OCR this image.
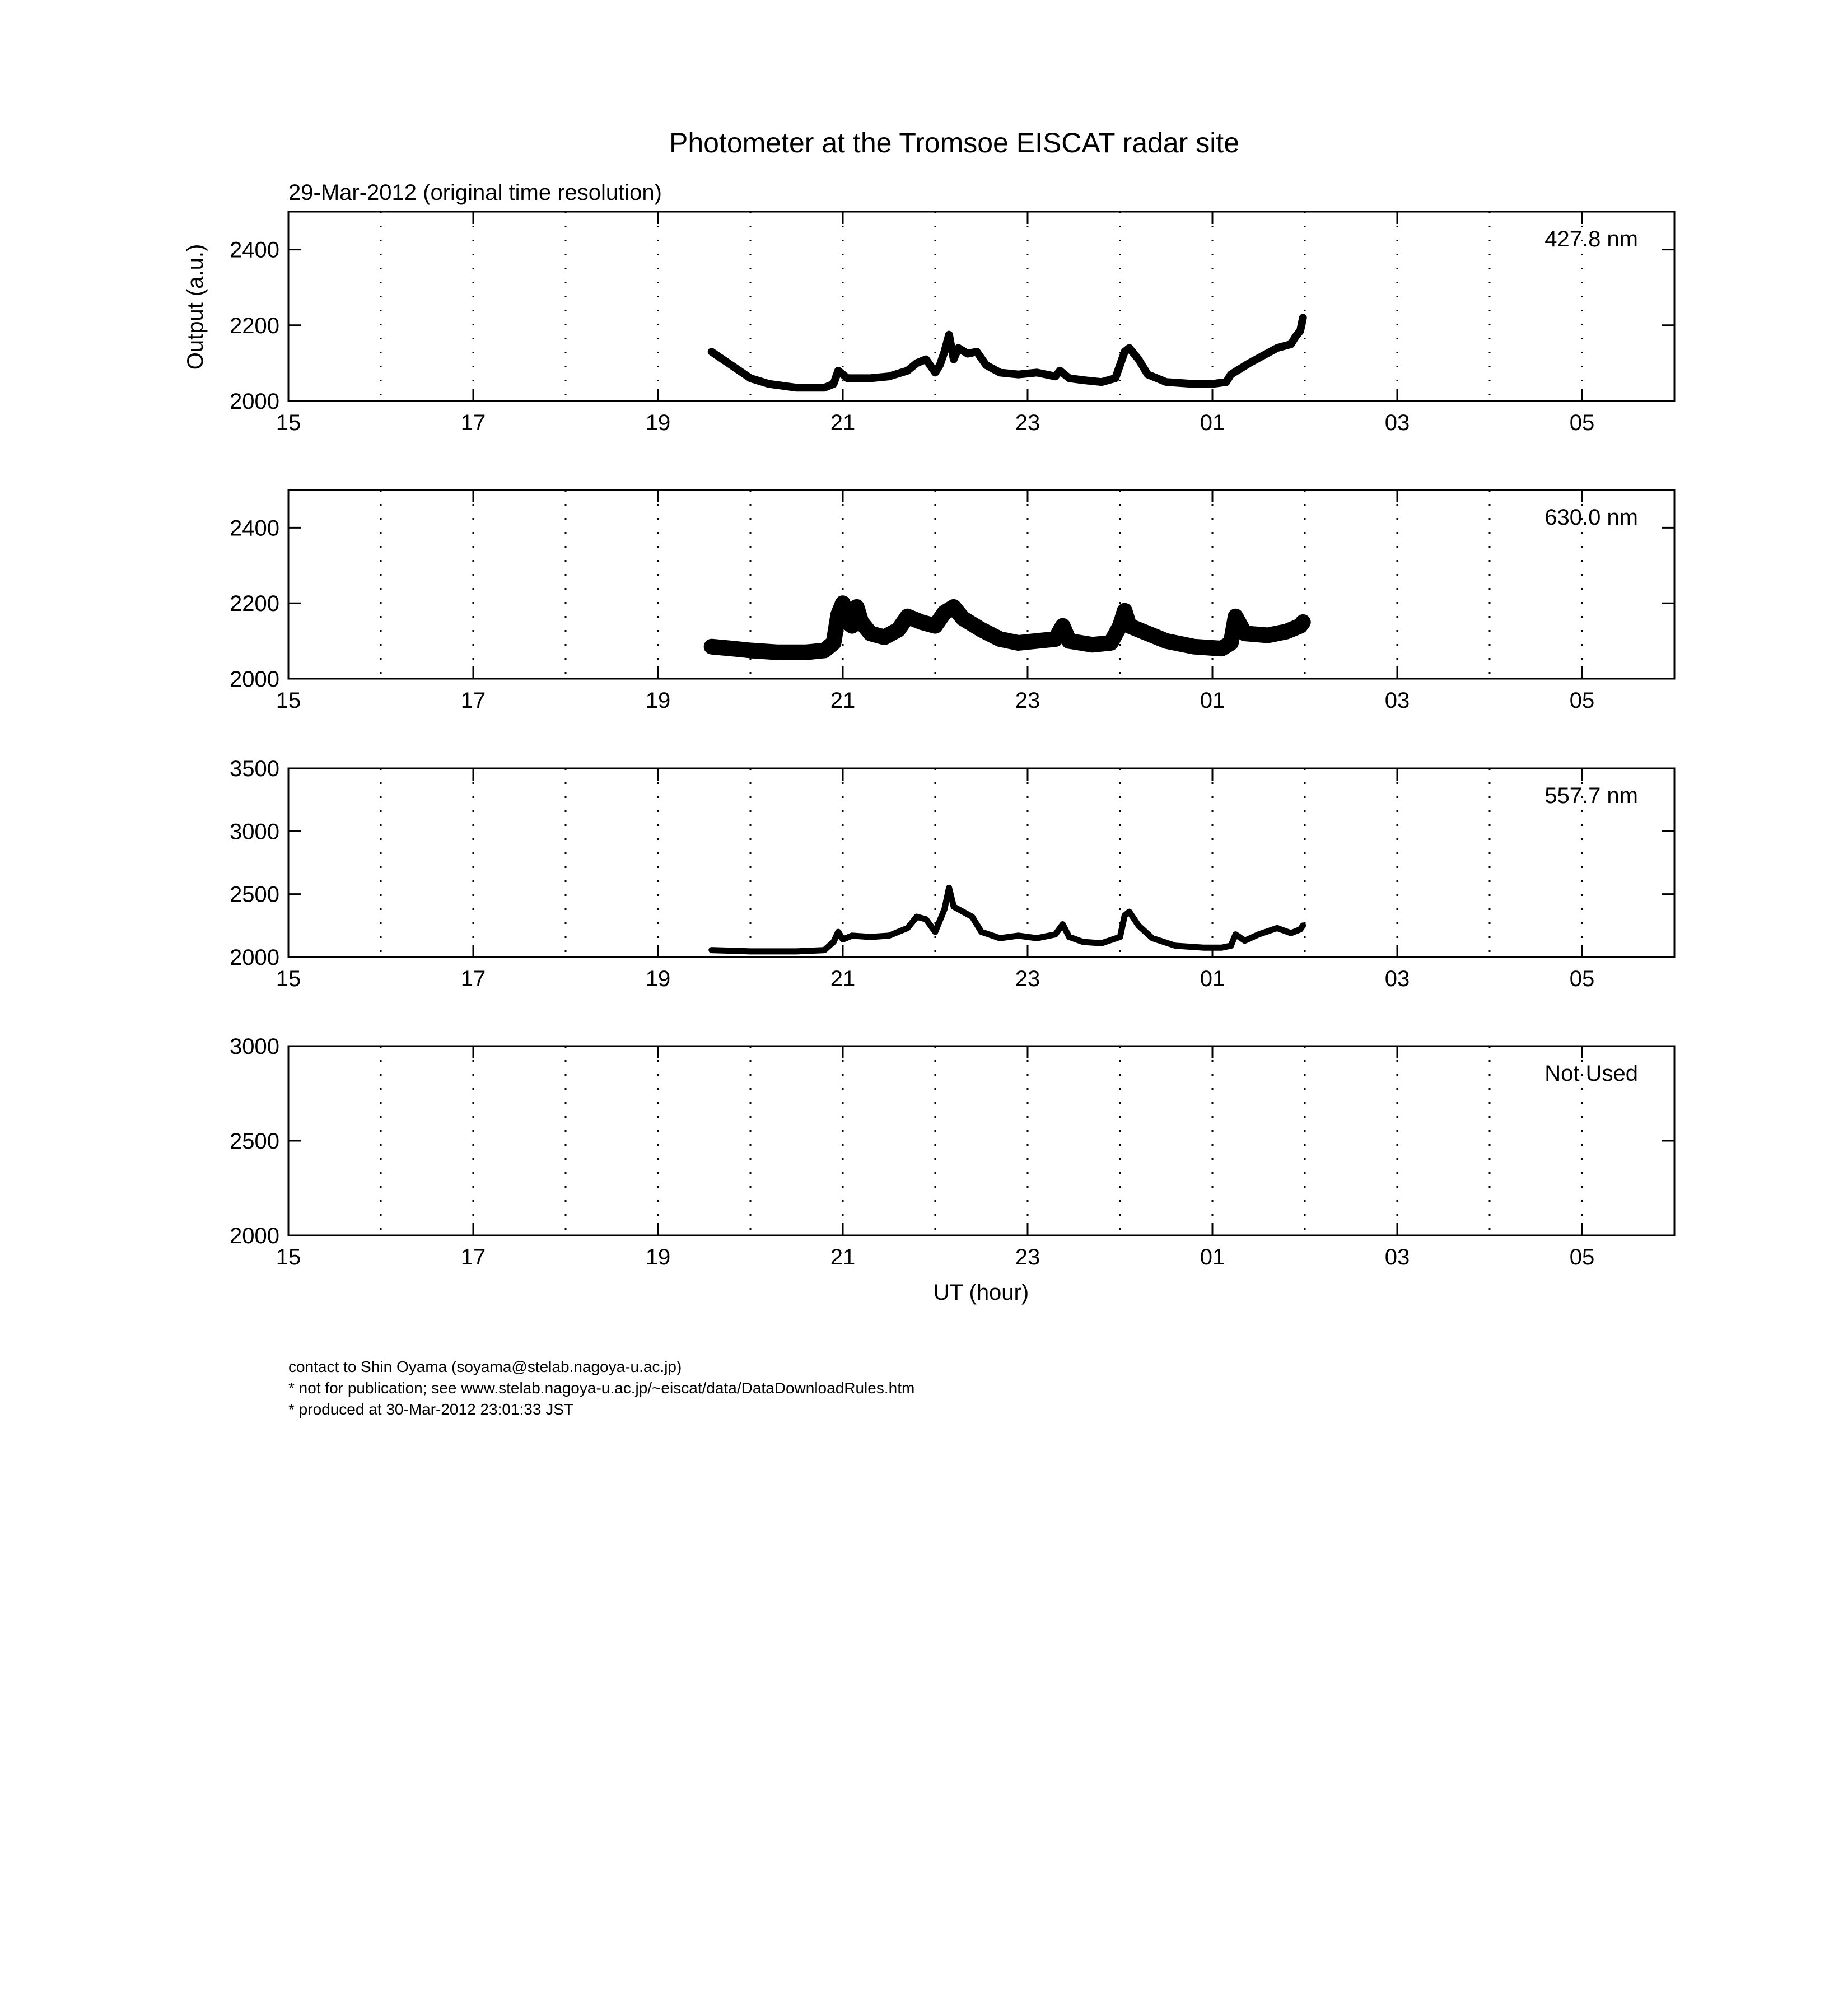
Photometer at the Tromsoe EISCAT radar site
29-Mar-2012 (original time resolution)
Output (a.u.)
UT (hour)
15	17	19	21	23	01	03	05
2000
2200
2400	427.8 nm
15	17	19	21	23	01	03	05
2000
2200
2400	630.0 nm
15	17	19	21	23	01	03	05
2000
2500
3000
3500
557.7 nm
15	17	19	21	23	01	03	05
2000
2500
3000
Not Used
contact to Shin Oyama (soyama@stelab.nagoya-u.ac.jp)
* not for publication; see www.stelab.nagoya-u.ac.jp/~eiscat/data/DataDownloadRules.htm
* produced at 30-Mar-2012 23:01:33 JST
